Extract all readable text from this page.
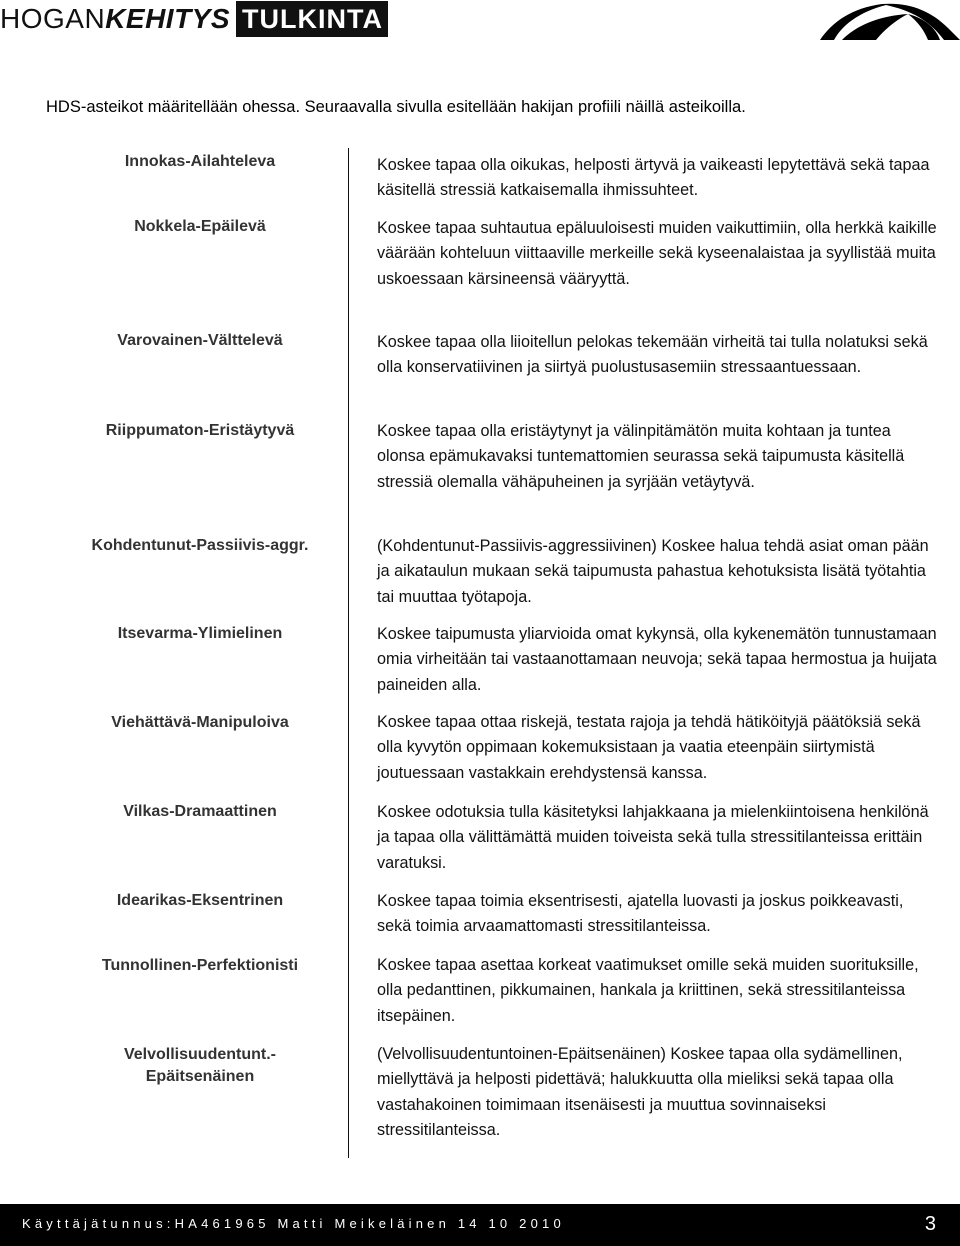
HOGAN KEHITYS TULKINTA
HDS-asteikot määritellään ohessa. Seuraavalla sivulla esitellään hakijan profiili näillä asteikoilla.
Innokas-Ailahteleva
Nokkela-Epäilevä
Varovainen-Välttelevä
Riippumaton-Eristäytyvä
Kohdentunut-Passiivis-aggr.
Itsevarma-Ylimielinen
Viehättävä-Manipuloiva
Vilkas-Dramaattinen
Idearikas-Eksentrinen
Tunnollinen-Perfektionisti
Velvollisuudentunt.-
Epäitsenäinen
Koskee tapaa olla oikukas, helposti ärtyvä ja vaikeasti lepytettävä sekä tapaa käsitellä stressiä katkaisemalla ihmissuhteet.
Koskee tapaa suhtautua epäluuloisesti muiden vaikuttimiin, olla herkkä kaikille väärään kohteluun viittaaville merkeille sekä kyseenalaistaa ja syyllistää muita uskoessaan kärsineensä vääryyttä.
Koskee tapaa olla liioitellun pelokas tekemään virheitä tai tulla nolatuksi sekä olla konservatiivinen ja siirtyä puolustusasemiin stressaantuessaan.
Koskee tapaa olla eristäytynyt ja välinpitämätön muita kohtaan ja tuntea olonsa epämukavaksi tuntemattomien seurassa sekä taipumusta käsitellä stressiä olemalla vähäpuheinen ja syrjään vetäytyvä.
(Kohdentunut-Passiivis-aggressiivinen) Koskee halua tehdä asiat oman pään ja aikataulun mukaan sekä taipumusta pahastua kehotuksista lisätä työtahtia tai muuttaa työtapoja.
Koskee taipumusta yliarvioida omat kykynsä, olla kykenemätön tunnustamaan omia virheitään tai vastaanottamaan neuvoja; sekä tapaa hermostua ja huijata paineiden alla.
Koskee tapaa ottaa riskejä, testata rajoja ja tehdä hätiköityjä päätöksiä sekä olla kyvytön oppimaan kokemuksistaan ja vaatia eteenpäin siirtymistä joutuessaan vastakkain erehdystensä kanssa.
Koskee odotuksia tulla käsitetyksi lahjakkaana ja mielenkiintoisena henkilönä ja tapaa olla välittämättä muiden toiveista sekä tulla stressitilanteissa erittäin varatuksi.
Koskee tapaa toimia eksentrisesti, ajatella luovasti ja joskus poikkeavasti, sekä toimia arvaamattomasti stressitilanteissa.
Koskee tapaa asettaa korkeat vaatimukset omille sekä muiden suorituksille, olla pedanttinen, pikkumainen, hankala ja kriittinen, sekä stressitilanteissa itsepäinen.
(Velvollisuudentuntoinen-Epäitsenäinen) Koskee tapaa olla sydämellinen, miellyttävä ja helposti pidettävä; halukkuutta olla mieliksi sekä tapaa olla vastahakoinen toimimaan itsenäisesti ja muuttua sovinnaiseksi stressitilanteissa.
Käyttäjätunnus:HA461965 Matti Meikeläinen 14 10 2010	3
